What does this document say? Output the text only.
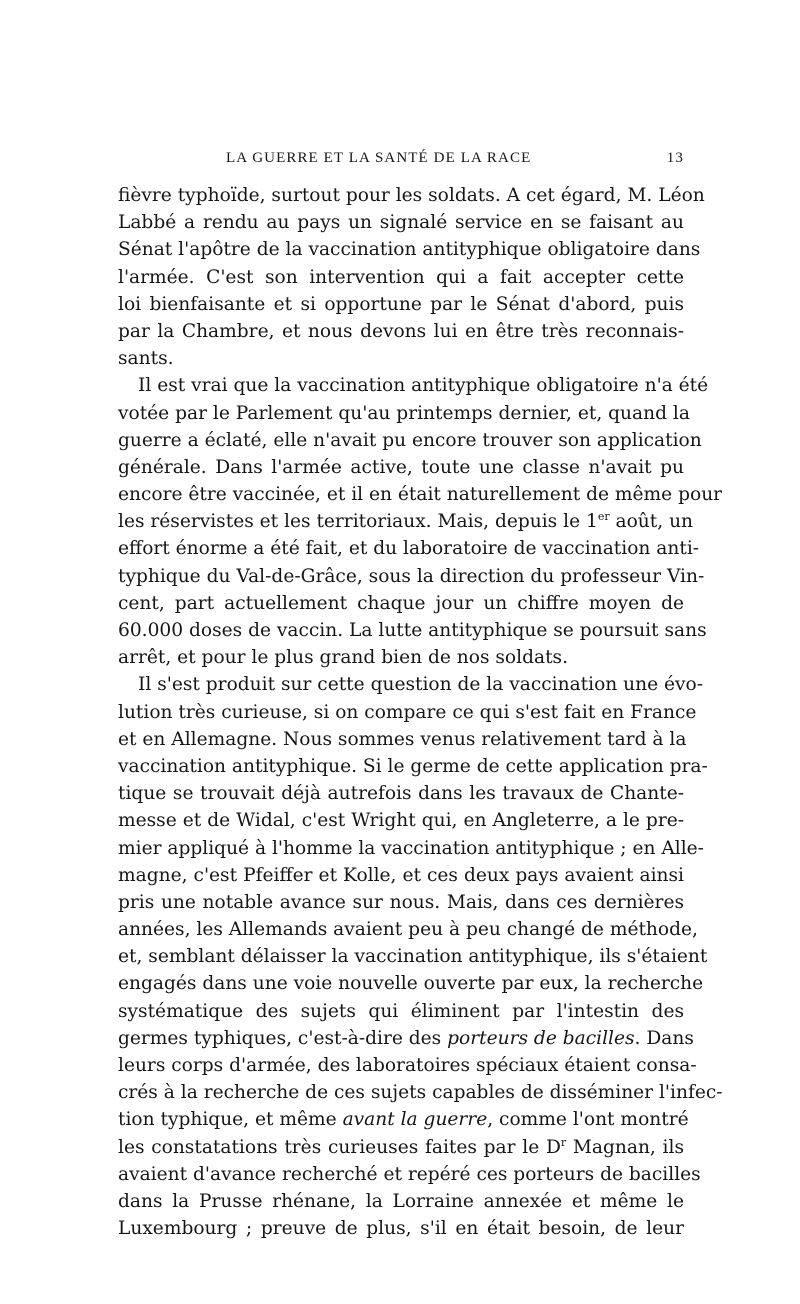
LA GUERRE ET LA SANTÉ DE LA RACE	13
fièvre typhoïde, surtout pour les soldats. A cet égard, M. Léon
Labbé a rendu au pays un signalé service en se faisant au
Sénat l'apôtre de la vaccination antityphique obligatoire dans
l'armée. C'est son intervention qui a fait accepter cette
loi bienfaisante et si opportune par le Sénat d'abord, puis
par la Chambre, et nous devons lui en être très reconnais-
sants.
Il est vrai que la vaccination antityphique obligatoire n'a été
votée par le Parlement qu'au printemps dernier, et, quand la
guerre a éclaté, elle n'avait pu encore trouver son application
générale. Dans l'armée active, toute une classe n'avait pu
encore être vaccinée, et il en était naturellement de même pour
les réservistes et les territoriaux. Mais, depuis le 1er août, un
effort énorme a été fait, et du laboratoire de vaccination anti-
typhique du Val-de-Grâce, sous la direction du professeur Vin-
cent, part actuellement chaque jour un chiffre moyen de
60.000 doses de vaccin. La lutte antityphique se poursuit sans
arrêt, et pour le plus grand bien de nos soldats.
Il s'est produit sur cette question de la vaccination une évo-
lution très curieuse, si on compare ce qui s'est fait en France
et en Allemagne. Nous sommes venus relativement tard à la
vaccination antityphique. Si le germe de cette application pra-
tique se trouvait déjà autrefois dans les travaux de Chante-
messe et de Widal, c'est Wright qui, en Angleterre, a le pre-
mier appliqué à l'homme la vaccination antityphique ; en Alle-
magne, c'est Pfeiffer et Kolle, et ces deux pays avaient ainsi
pris une notable avance sur nous. Mais, dans ces dernières
années, les Allemands avaient peu à peu changé de méthode,
et, semblant délaisser la vaccination antityphique, ils s'étaient
engagés dans une voie nouvelle ouverte par eux, la recherche
systématique des sujets qui éliminent par l'intestin des
germes typhiques, c'est-à-dire des porteurs de bacilles. Dans
leurs corps d'armée, des laboratoires spéciaux étaient consa-
crés à la recherche de ces sujets capables de disséminer l'infec-
tion typhique, et même avant la guerre, comme l'ont montré
les constatations très curieuses faites par le $D^r$ Magnan, ils
avaient d'avance recherché et repéré ces porteurs de bacilles
dans la Prusse rhénane, la Lorraine annexée et même le
Luxembourg ; preuve de plus, s'il en était besoin, de leur
